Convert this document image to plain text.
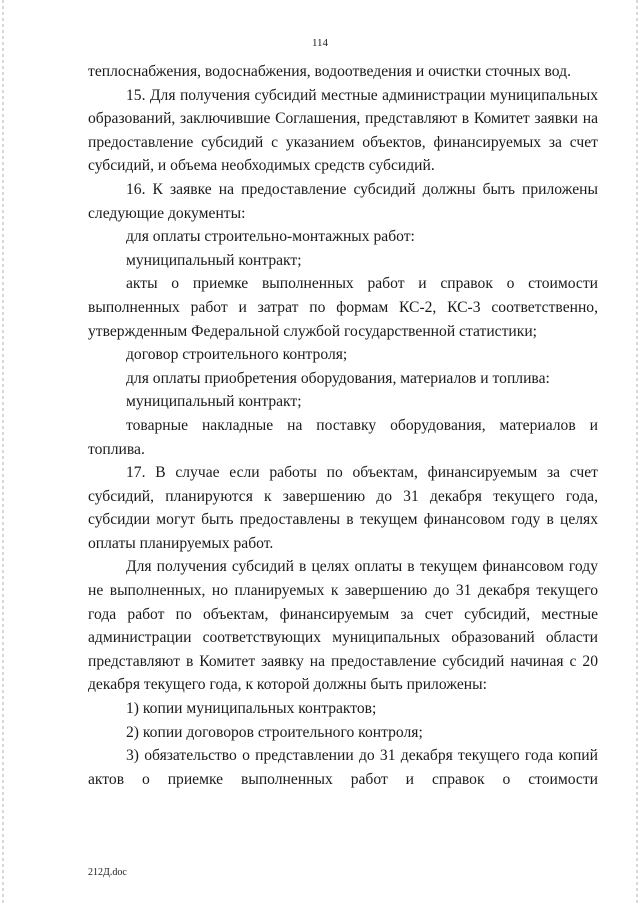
114

теплоснабжения, водоснабжения, водоотведения и очистки сточных вод.

15. Для получения субсидий местные администрации муниципальных образований, заключившие Соглашения, представляют в Комитет заявки на предоставление субсидий с указанием объектов, финансируемых за счет субсидий, и объема необходимых средств субсидий.

16. К заявке на предоставление субсидий должны быть приложены следующие документы:

для оплаты строительно-монтажных работ:

муниципальный контракт;

акты о приемке выполненных работ и справок о стоимости выполненных работ и затрат по формам КС-2, КС-3 соответственно, утвержденным Федеральной службой государственной статистики;

договор строительного контроля;

для оплаты приобретения оборудования, материалов и топлива:

муниципальный контракт;

товарные накладные на поставку оборудования, материалов и топлива.

17. В случае если работы по объектам, финансируемым за счет субсидий, планируются к завершению до 31 декабря текущего года, субсидии могут быть предоставлены в текущем финансовом году в целях оплаты планируемых работ.

Для получения субсидий в целях оплаты в текущем финансовом году не выполненных, но планируемых к завершению до 31 декабря текущего года работ по объектам, финансируемым за счет субсидий, местные администрации соответствующих муниципальных образований области представляют в Комитет заявку на предоставление субсидий начиная с 20 декабря текущего года, к которой должны быть приложены:

1) копии муниципальных контрактов;

2) копии договоров строительного контроля;

3) обязательство о представлении до 31 декабря текущего года копий актов о приемке выполненных работ и справок о стоимости

212Д.doc
